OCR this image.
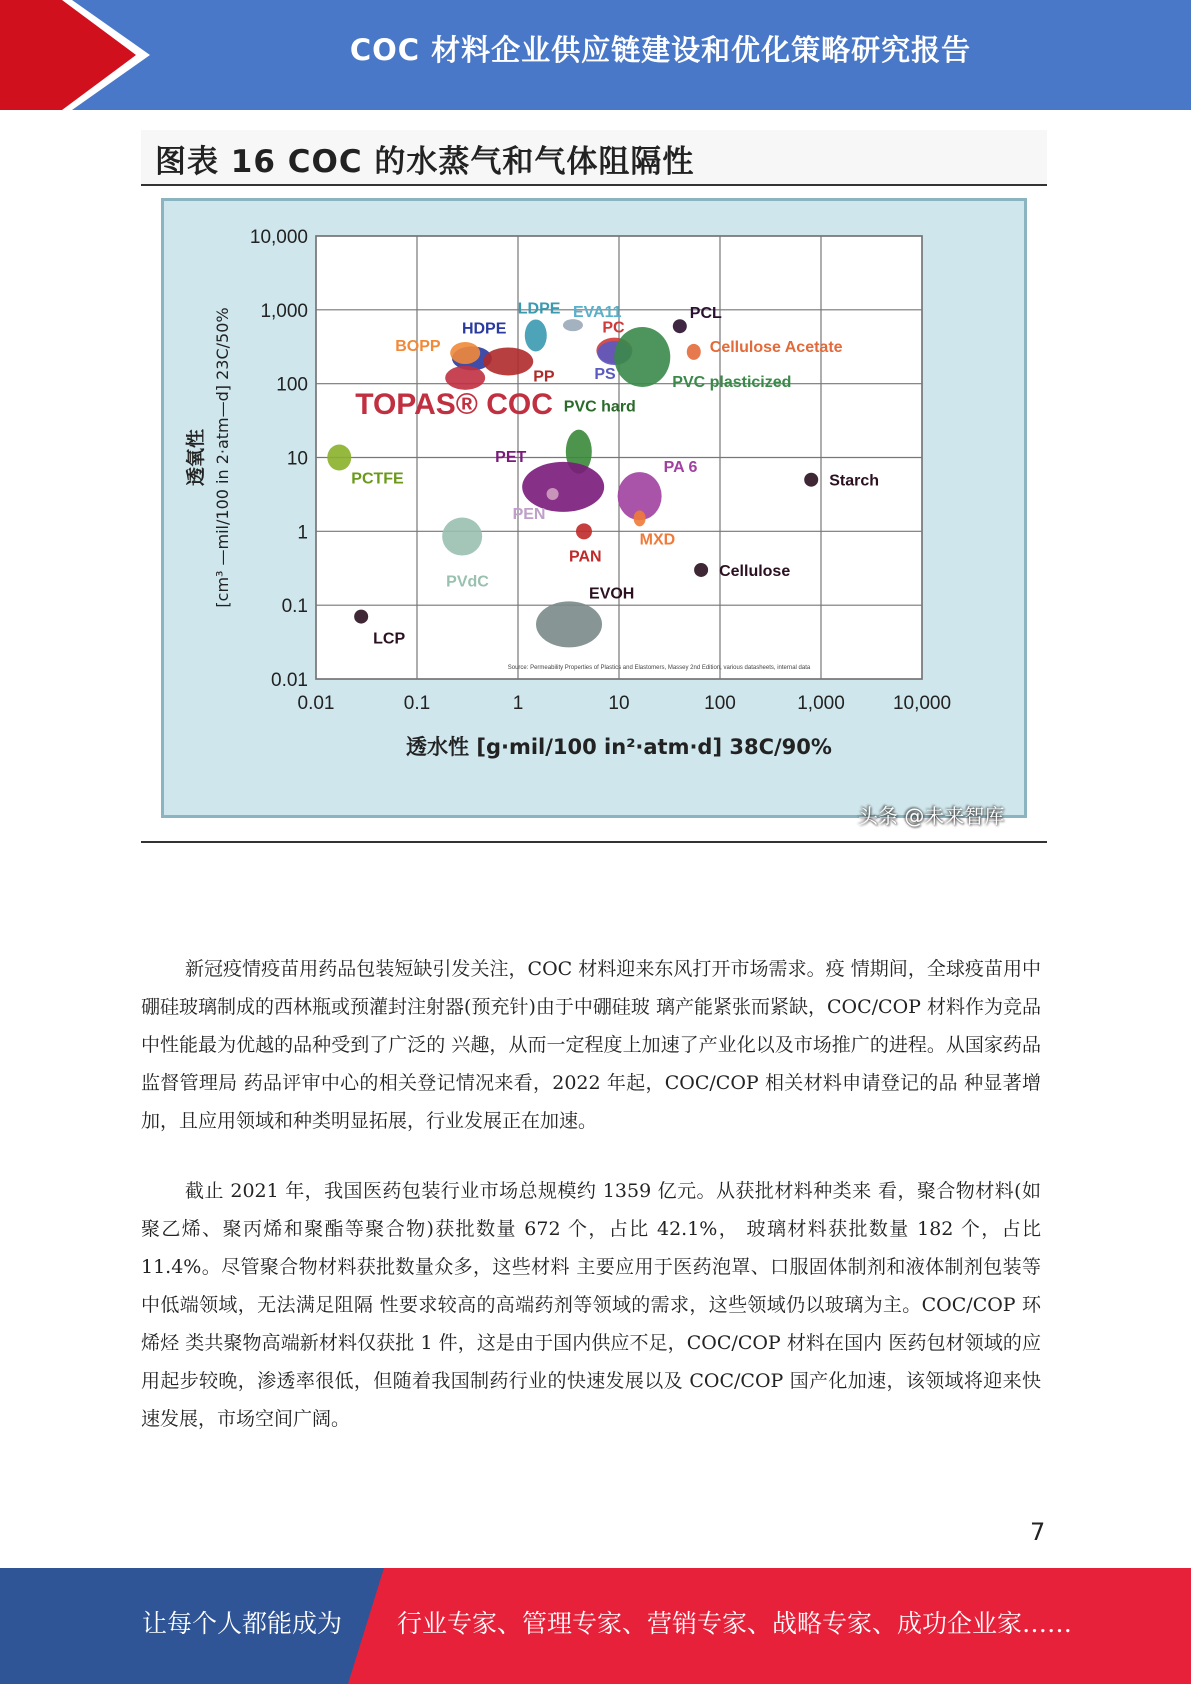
COC 材料企业供应链建设和优化策略研究报告
图表 16 COC 的水蒸气和气体阻隔性
0.01	0.1	1	10	100	1,000	10,000
0.01
0.1
1
10
100
1,000
10,000
透水性 [g·mil/100 in²·atm·d] 38C/90%
透氧性 [cm³ —mil/100 in 2·atm—d] 23C/50%
Source: Permeability Properties of Plastics and Elastomers, Massey 2nd Edition, various datasheets, internal data
LDPE EVA11
PC
PCL
Cellulose Acetate
HDPE
BOPP
PP PS	PVC plasticized
TOPAS® COC PVC hard
PCTFE
PET
PEN
PA 6
MXD
Starch
PAN
PVdC
Cellulose
EVOH
LCP
头条 @未来智库

新冠疫情疫苗用药品包装短缺引发关注，COC 材料迎来东风打开市场需求。疫 情期间，全球疫苗用中硼硅玻璃制成的西林瓶或预灌封注射器(预充针)由于中硼硅玻 璃产能紧张而紧缺，COC/COP 材料作为竞品中性能最为优越的品种受到了广泛的 兴趣，从而一定程度上加速了产业化以及市场推广的进程。从国家药品监督管理局 药品评审中心的相关登记情况来看，2022 年起，COC/COP 相关材料申请登记的品 种显著增加，且应用领域和种类明显拓展，行业发展正在加速。

截止 2021 年，我国医药包装行业市场总规模约 1359 亿元。从获批材料种类来 看，聚合物材料(如聚乙烯、聚丙烯和聚酯等聚合物)获批数量 672 个，占比 42.1%， 玻璃材料获批数量 182 个，占比 11.4%。尽管聚合物材料获批数量众多，这些材料 主要应用于医药泡罩、口服固体制剂和液体制剂包装等中低端领域，无法满足阻隔 性要求较高的高端药剂等领域的需求，这些领域仍以玻璃为主。COC/COP 环烯烃 类共聚物高端新材料仅获批 1 件，这是由于国内供应不足，COC/COP 材料在国内 医药包材领域的应用起步较晚，渗透率很低，但随着我国制药行业的快速发展以及 COC/COP 国产化加速，该领域将迎来快速发展，市场空间广阔。

7
让每个人都能成为 行业专家、管理专家、营销专家、战略专家、成功企业家……
